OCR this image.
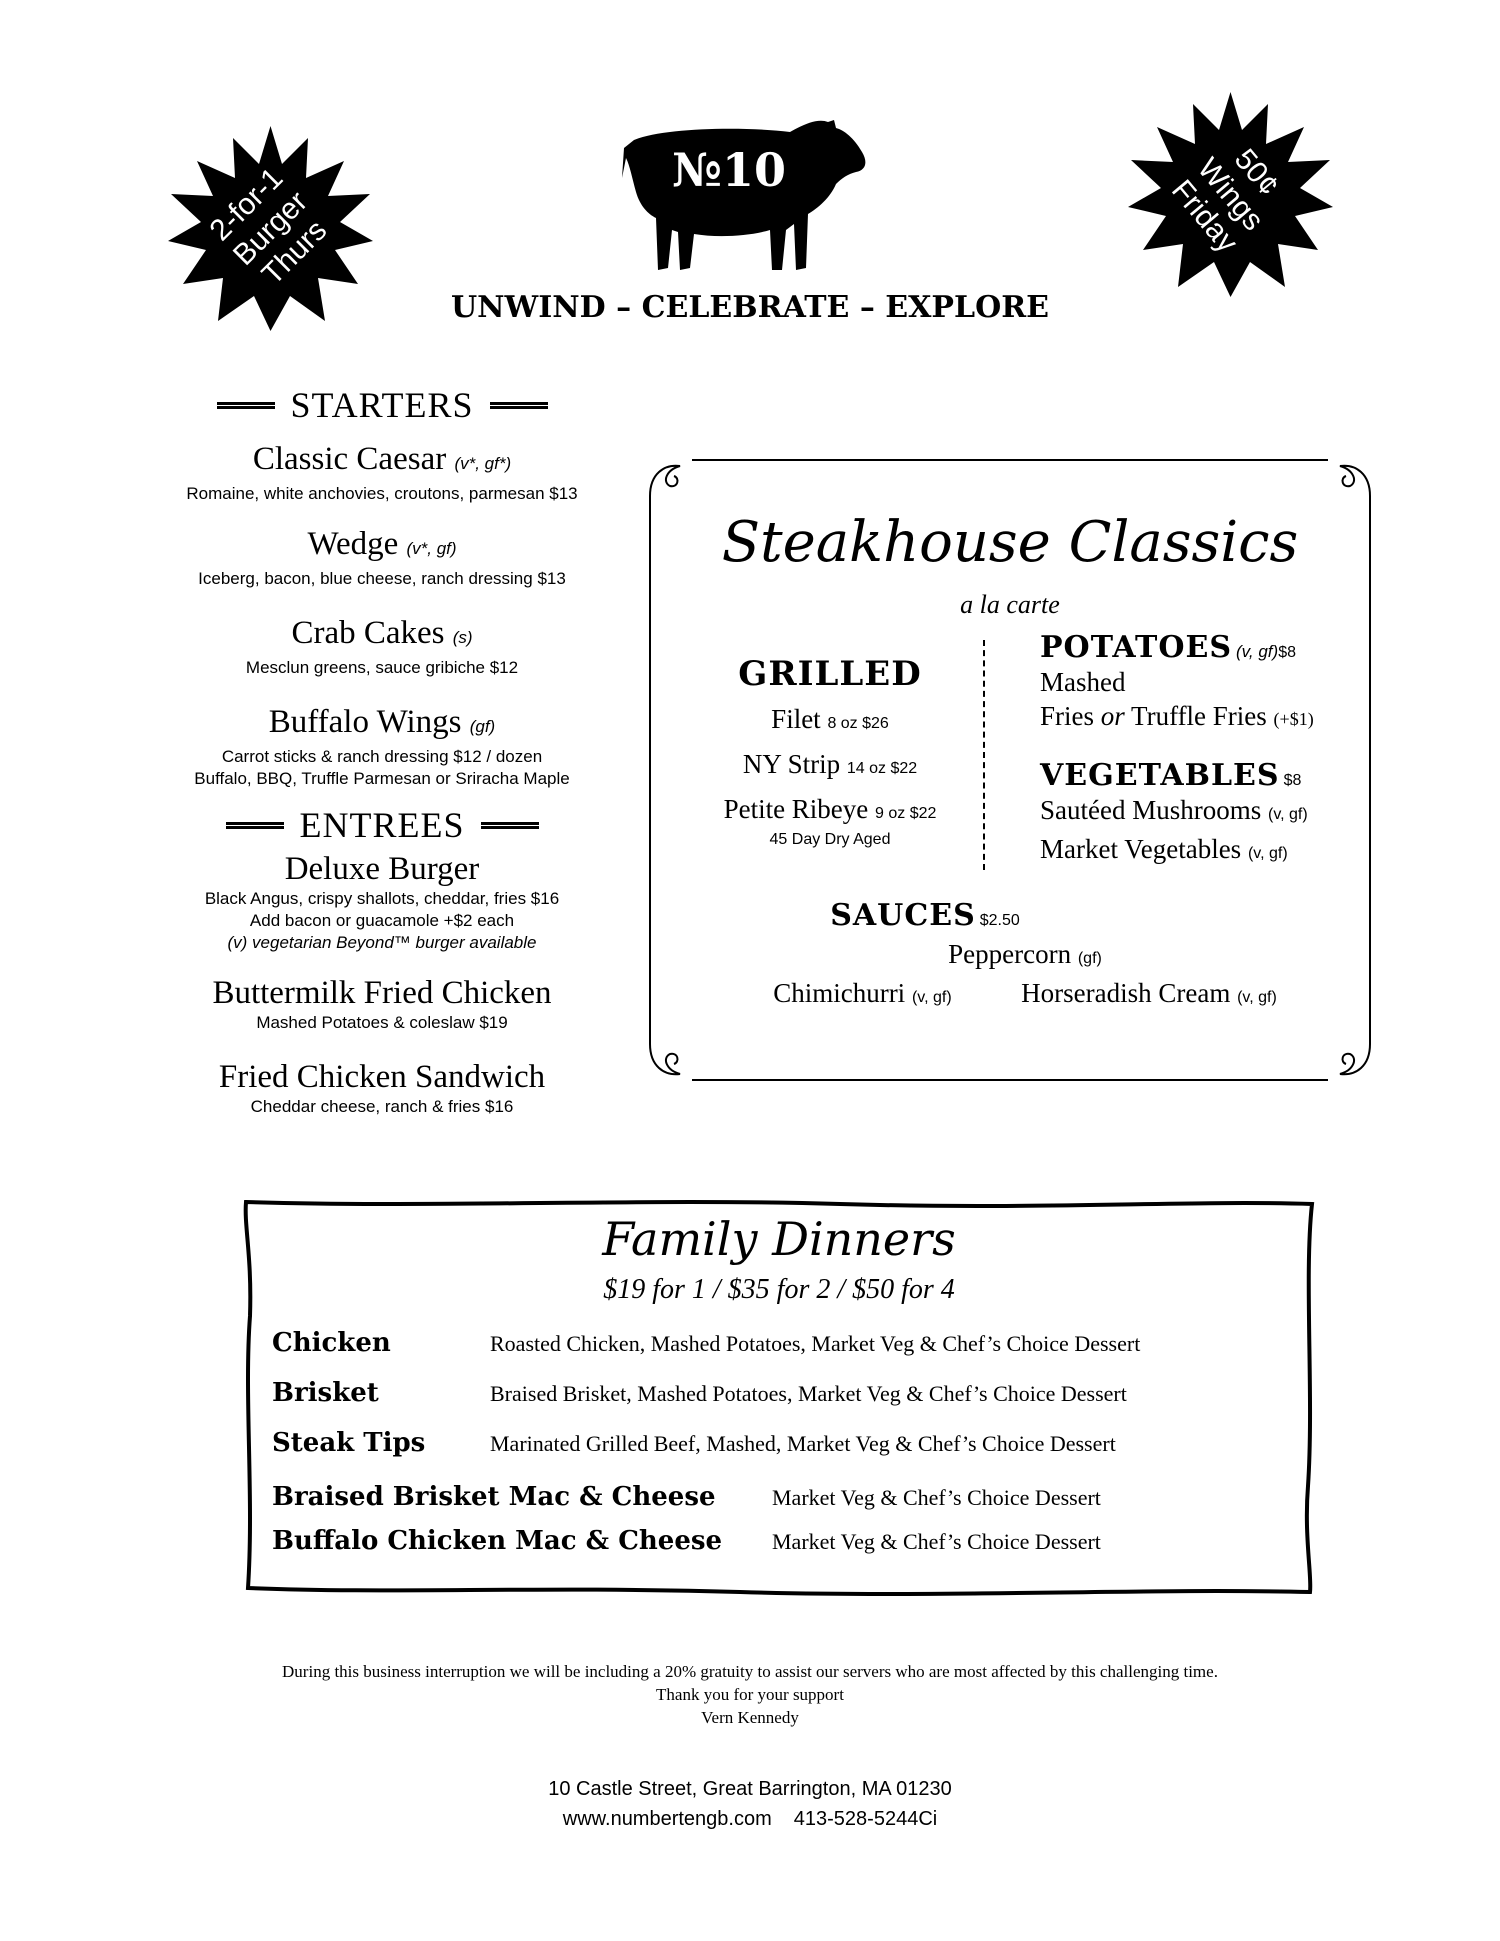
2-for-1
Burger
Thurs
50¢
Wings
Friday
№10
UNWIND – CELEBRATE – EXPLORE
STARTERS
Classic Caesar (v*, gf*)
Romaine, white anchovies, croutons, parmesan $13
Wedge (v*, gf)
Iceberg, bacon, blue cheese, ranch dressing $13
Crab Cakes (s)
Mesclun greens, sauce gribiche $12
Buffalo Wings (gf)
Carrot sticks & ranch dressing $12 / dozen
Buffalo, BBQ, Truffle Parmesan or Sriracha Maple
ENTREES
Deluxe Burger
Black Angus, crispy shallots, cheddar, fries $16
Add bacon or guacamole +$2 each
(v) vegetarian Beyond™ burger available
Buttermilk Fried Chicken
Mashed Potatoes & coleslaw $19
Fried Chicken Sandwich
Cheddar cheese, ranch & fries $16
Steakhouse Classics
a la carte
GRILLED
Filet 8 oz $26
NY Strip 14 oz $22
Petite Ribeye 9 oz $22
45 Day Dry Aged
POTATOES (v, gf)$8
Mashed
Fries or Truffle Fries (+$1)
VEGETABLES $8
Sautéed Mushrooms (v, gf)
Market Vegetables (v, gf)
SAUCES $2.50
Peppercorn (gf)
Chimichurri (v, gf)	Horseradish Cream (v, gf)
Family Dinners
$19 for 1 / $35 for 2 / $50 for 4
Chicken	Roasted Chicken, Mashed Potatoes, Market Veg & Chef’s Choice Dessert
Brisket	Braised Brisket, Mashed Potatoes, Market Veg & Chef’s Choice Dessert
Steak Tips	Marinated Grilled Beef, Mashed, Market Veg & Chef’s Choice Dessert
Braised Brisket Mac & Cheese	Market Veg & Chef’s Choice Dessert
Buffalo Chicken Mac & Cheese	Market Veg & Chef’s Choice Dessert
During this business interruption we will be including a 20% gratuity to assist our servers who are most affected by this challenging time.
Thank you for your support
Vern Kennedy
10 Castle Street, Great Barrington, MA 01230
www.numbertengb.com 413-528-5244Ci
